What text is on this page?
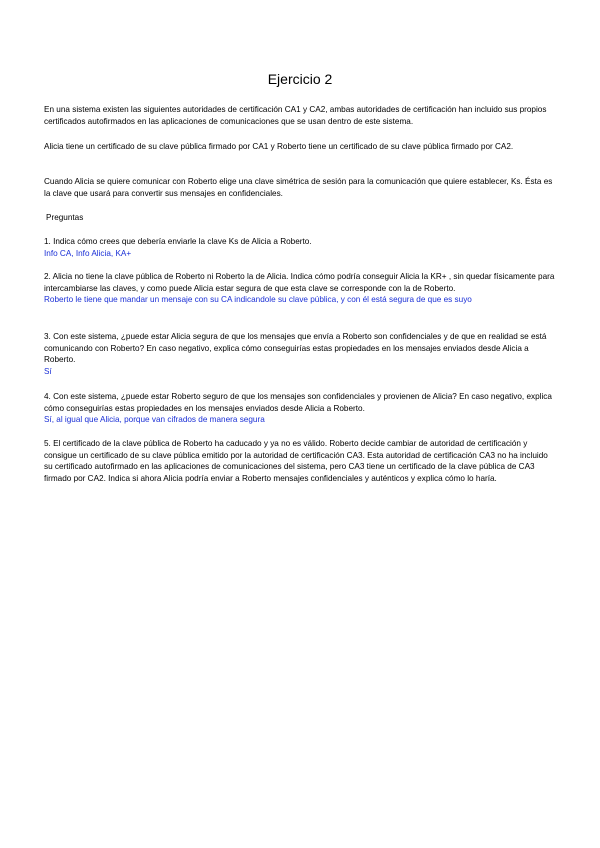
Ejercicio 2

En una sistema existen las siguientes autoridades de certificación CA1 y CA2, ambas autoridades de certificación han incluido sus propios certificados autofirmados en las aplicaciones de comunicaciones que se usan dentro de este sistema.

Alicia tiene un certificado de su clave pública firmado por CA1 y Roberto tiene un certificado de su clave pública firmado por CA2.

Cuando Alicia se quiere comunicar con Roberto elige una clave simétrica de sesión para la comunicación que quiere establecer, Ks. Ésta es la clave que usará para convertir sus mensajes en confidenciales.

Preguntas

1. Indica cómo crees que debería enviarle la clave Ks de Alicia a Roberto.
Info CA, Info Alicia, KA+
2. Alicia no tiene la clave pública de Roberto ni Roberto la de Alicia. Indica cómo podría conseguir Alicia la KR+ , sin quedar físicamente para intercambiarse las claves, y como puede Alicia estar segura de que esta clave se corresponde con la de Roberto.
Roberto le tiene que mandar un mensaje con su CA indicandole su clave pública, y con él está segura de que es suyo
3. Con este sistema, ¿puede estar Alicia segura de que los mensajes que envía a Roberto son confidenciales y de que en realidad se está comunicando con Roberto? En caso negativo, explica cómo conseguirías estas propiedades en los mensajes enviados desde Alicia a Roberto.
Sí
4. Con este sistema, ¿puede estar Roberto seguro de que los mensajes son confidenciales y provienen de Alicia? En caso negativo, explica cómo conseguirías estas propiedades en los mensajes enviados desde Alicia a Roberto.
Sí, al igual que Alicia, porque van cifrados de manera segura
5. El certificado de la clave pública de Roberto ha caducado y ya no es válido. Roberto decide cambiar de autoridad de certificación y consigue un certificado de su clave pública emitido por la autoridad de certificación CA3. Esta autoridad de certificación CA3 no ha incluido su certificado autofirmado en las aplicaciones de comunicaciones del sistema, pero CA3 tiene un certificado de la clave pública de CA3 firmado por CA2. Indica si ahora Alicia podría enviar a Roberto mensajes confidenciales y auténticos y explica cómo lo haría.
